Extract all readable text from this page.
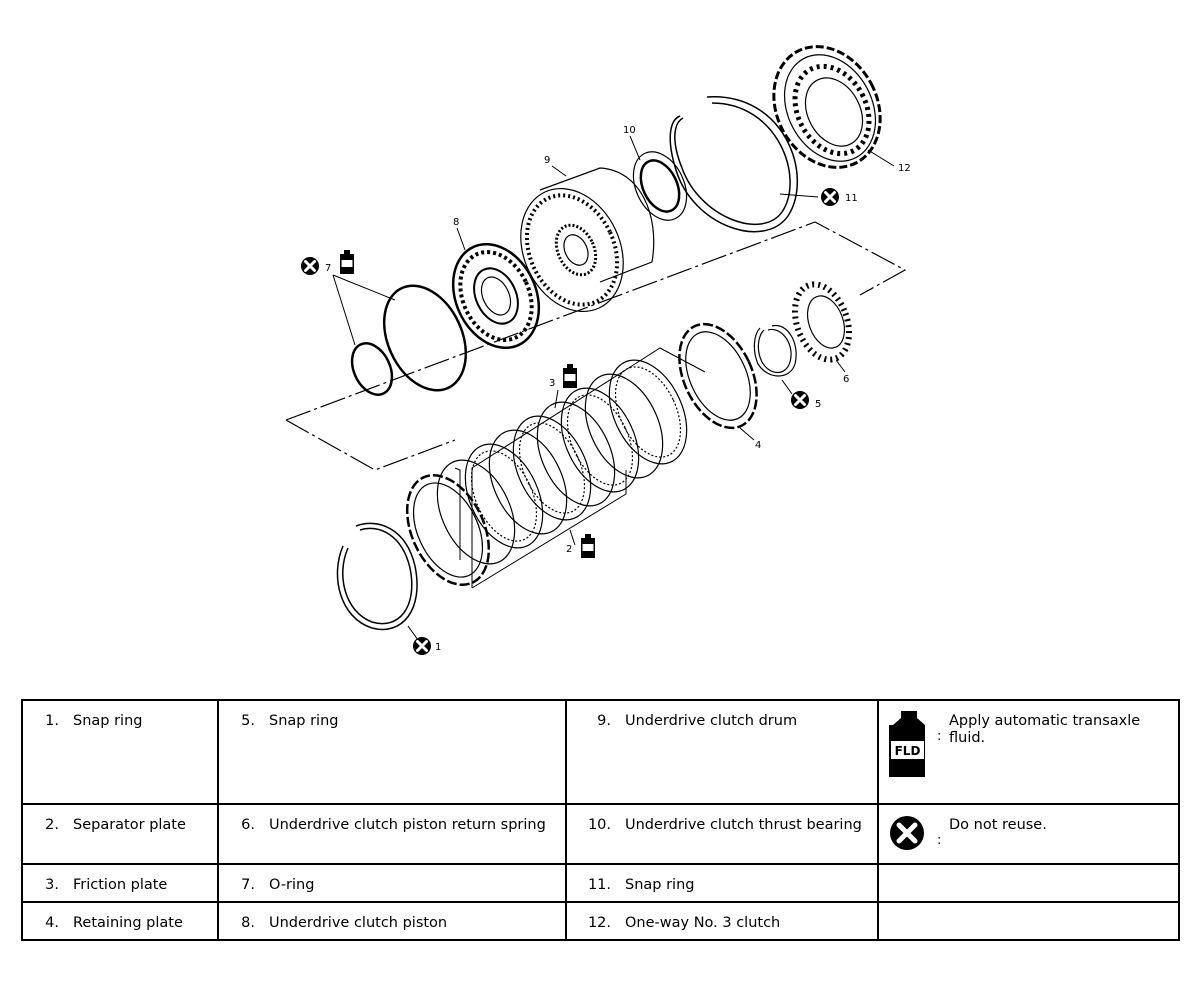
1
2
3
4
5
6
7
8
9
10
11
12
1. Snap ring	5. Snap ring	9. Underdrive clutch drum	FLD
:
Apply automatic transaxle fluid.

2. Separator plate	6. Underdrive clutch piston return spring	10. Underdrive clutch thrust bearing	:
Do not reuse.

3. Friction plate	7. O-ring	11. Snap ring	

4. Retaining plate	8. Underdrive clutch piston	12. One-way No. 3 clutch	
